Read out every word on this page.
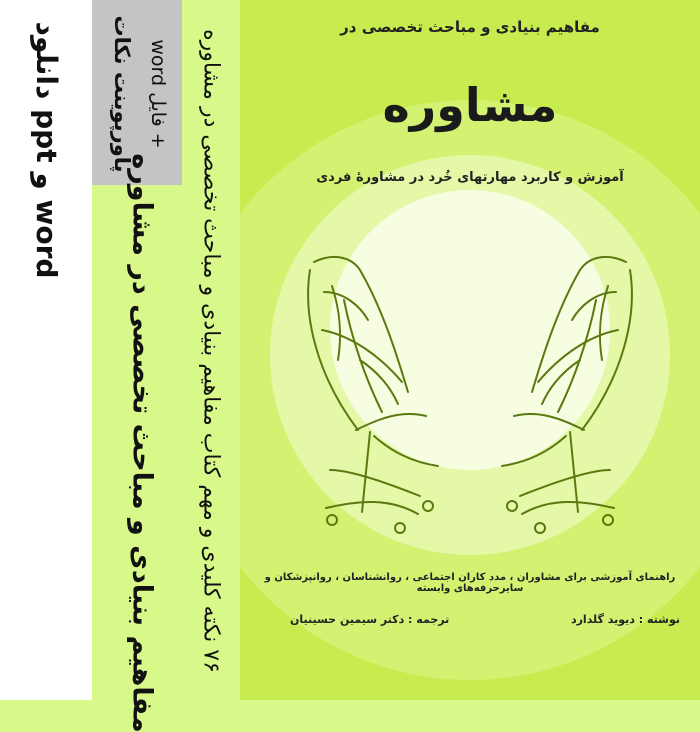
دانلود ppt و word
پاورپوینت نکات + فایل word
مفاهیم بنیادی و مباحث تخصصی در مشاوره ۷۶ نکته کلیدی و مهم کتاب مفاهیم بنیادی و مباحث تخصصی در مشاوره
مفاهیم بنیادی و مباحث تخصصی در
مشاوره
آموزش و کاربرد مهارتهای خُرد در مشاورهٔ فردی
راهنمای آموزشی برای مشاوران ، مدد کاران اجتماعی ، روانشناسان ، روانپزشکان و سایرحرفه‌های وابسته
نوشته : دیوید گلدارد
ترجمه : دکتر سیمین حسینیان
